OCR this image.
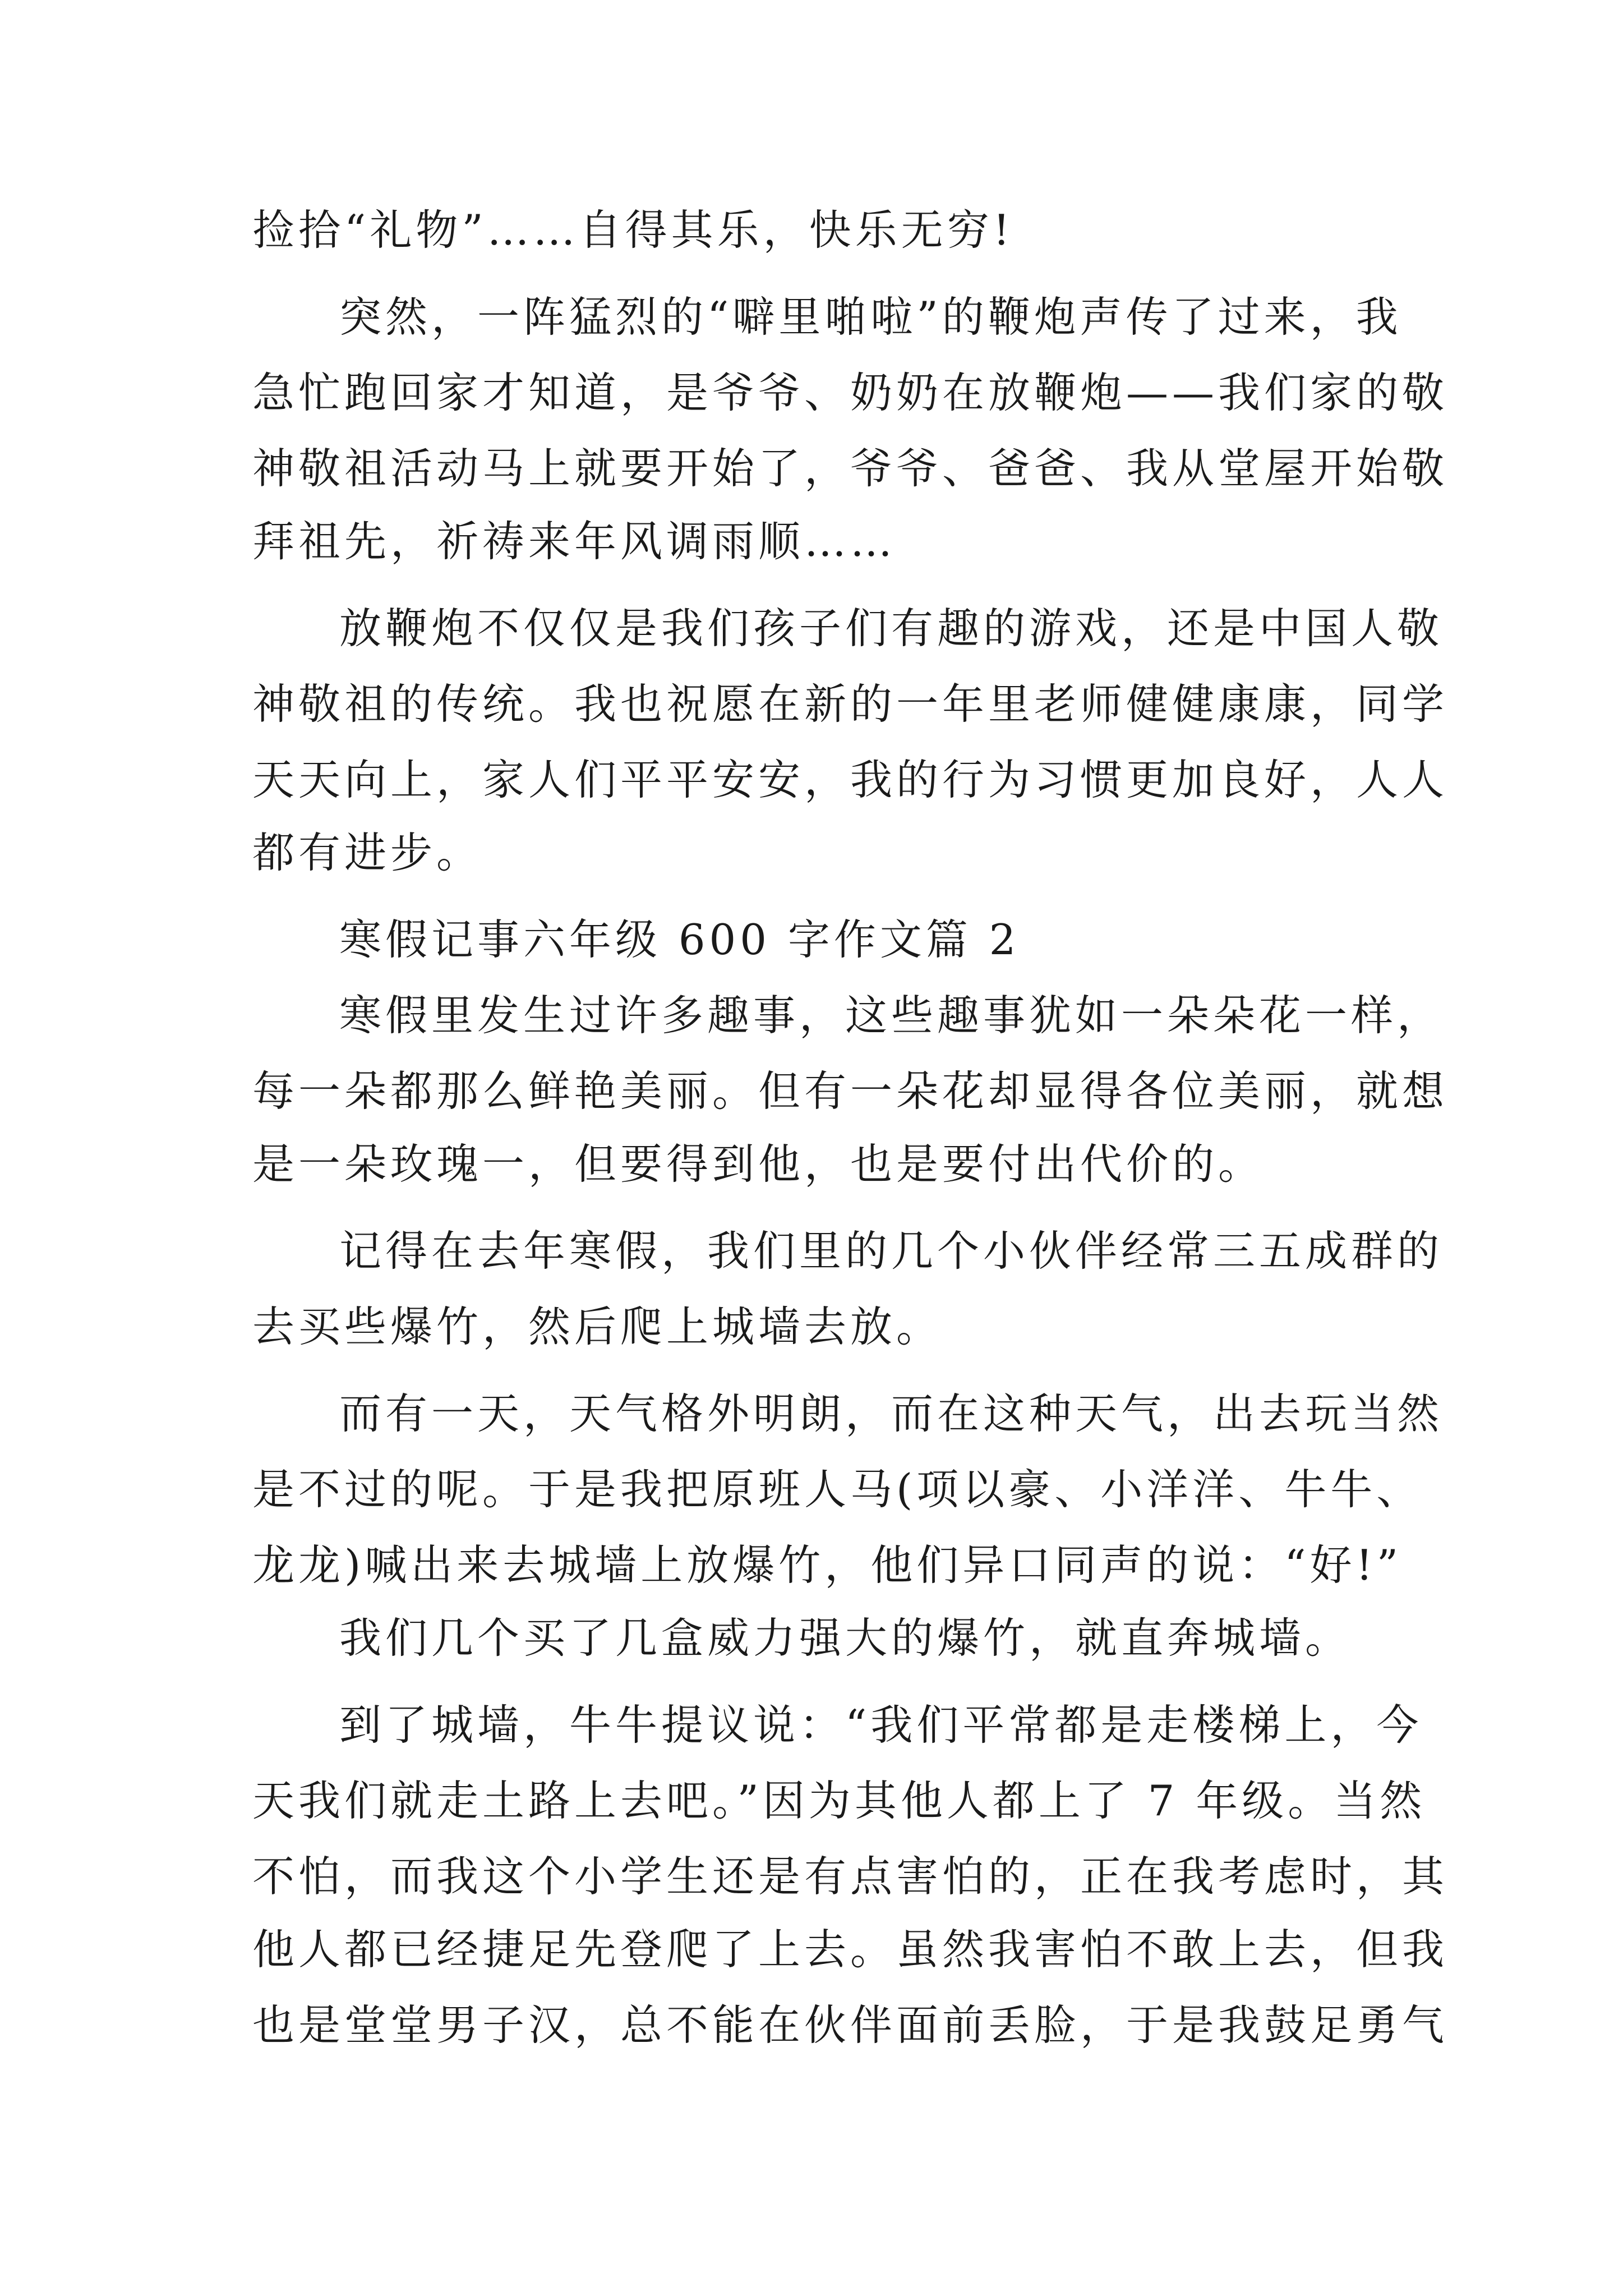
捡拾“礼物”……自得其乐，快乐无穷!
突然，一阵猛烈的“噼里啪啦”的鞭炮声传了过来，我
急忙跑回家才知道，是爷爷、奶奶在放鞭炮——我们家的敬
神敬祖活动马上就要开始了，爷爷、爸爸、我从堂屋开始敬
拜祖先，祈祷来年风调雨顺……
放鞭炮不仅仅是我们孩子们有趣的游戏，还是中国人敬
神敬祖的传统。我也祝愿在新的一年里老师健健康康，同学
天天向上，家人们平平安安，我的行为习惯更加良好，人人
都有进步。
寒假记事六年级 600 字作文篇 2
寒假里发生过许多趣事，这些趣事犹如一朵朵花一样，
每一朵都那么鲜艳美丽。但有一朵花却显得各位美丽，就想
是一朵玫瑰一，但要得到他，也是要付出代价的。
记得在去年寒假，我们里的几个小伙伴经常三五成群的
去买些爆竹，然后爬上城墙去放。
而有一天，天气格外明朗，而在这种天气，出去玩当然
是不过的呢。于是我把原班人马(项以豪、小洋洋、牛牛、
龙龙)喊出来去城墙上放爆竹，他们异口同声的说：“好!”
我们几个买了几盒威力强大的爆竹，就直奔城墙。
到了城墙，牛牛提议说：“我们平常都是走楼梯上，今
天我们就走土路上去吧。”因为其他人都上了 7 年级。当然
不怕，而我这个小学生还是有点害怕的，正在我考虑时，其
他人都已经捷足先登爬了上去。虽然我害怕不敢上去，但我
也是堂堂男子汉，总不能在伙伴面前丢脸，于是我鼓足勇气
